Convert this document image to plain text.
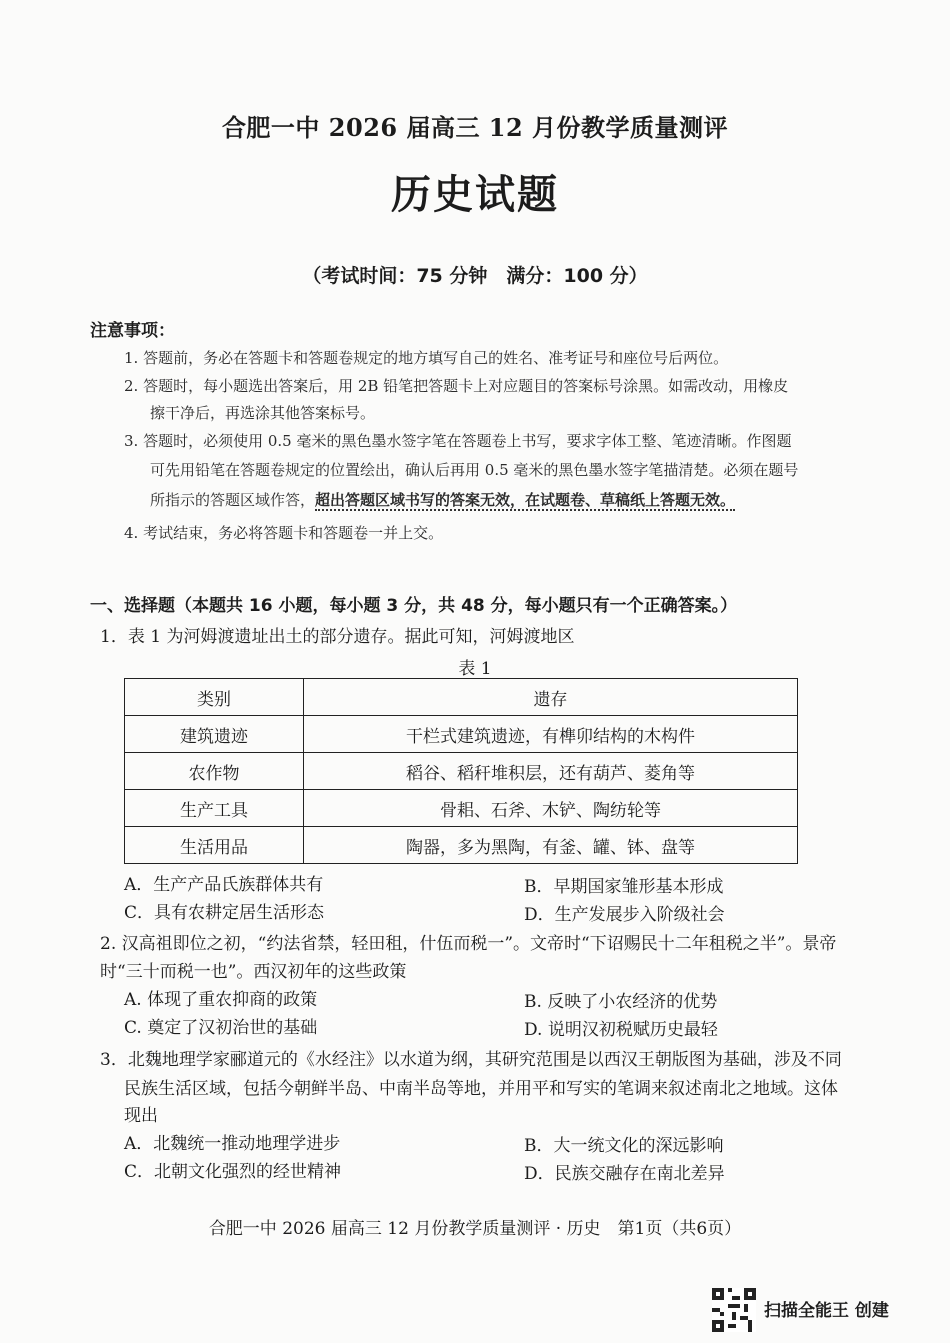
合肥一中 2026 届高三 12 月份教学质量测评
历史试题
（考试时间：75 分钟　满分：100 分）
注意事项：
1. 答题前，务必在答题卡和答题卷规定的地方填写自己的姓名、准考证号和座位号后两位。
2. 答题时，每小题选出答案后，用 2B 铅笔把答题卡上对应题目的答案标号涂黑。如需改动，用橡皮
擦干净后，再选涂其他答案标号。
3. 答题时，必须使用 0.5 毫米的黑色墨水签字笔在答题卷上书写，要求字体工整、笔迹清晰。作图题
可先用铅笔在答题卷规定的位置绘出，确认后再用 0.5 毫米的黑色墨水签字笔描清楚。必须在题号
所指示的答题区域作答，超出答题区域书写的答案无效，在试题卷、草稿纸上答题无效。
4. 考试结束，务必将答题卡和答题卷一并上交。
一、选择题（本题共 16 小题，每小题 3 分，共 48 分，每小题只有一个正确答案。）
1．表 1 为河姆渡遗址出土的部分遗存。据此可知，河姆渡地区
表 1
类别	遗存
建筑遗迹	干栏式建筑遗迹，有榫卯结构的木构件
农作物	稻谷、稻秆堆积层，还有葫芦、菱角等
生产工具	骨耜、石斧、木铲、陶纺轮等
生活用品	陶器，多为黑陶，有釜、罐、钵、盘等
A．生产产品氏族群体共有	B．早期国家雏形基本形成
C．具有农耕定居生活形态	D．生产发展步入阶级社会
2. 汉高祖即位之初，“约法省禁，轻田租，什伍而税一”。文帝时“下诏赐民十二年租税之半”。景帝
时“三十而税一也”。西汉初年的这些政策
A. 体现了重农抑商的政策	B. 反映了小农经济的优势
C. 奠定了汉初治世的基础	D. 说明汉初税赋历史最轻
3．北魏地理学家郦道元的《水经注》以水道为纲，其研究范围是以西汉王朝版图为基础，涉及不同
民族生活区域，包括今朝鲜半岛、中南半岛等地，并用平和写实的笔调来叙述南北之地域。这体
现出
A．北魏统一推动地理学进步	B．大一统文化的深远影响
C．北朝文化强烈的经世精神	D．民族交融存在南北差异
合肥一中 2026 届高三 12 月份教学质量测评 · 历史　第1页（共6页）
扫描全能王 创建
